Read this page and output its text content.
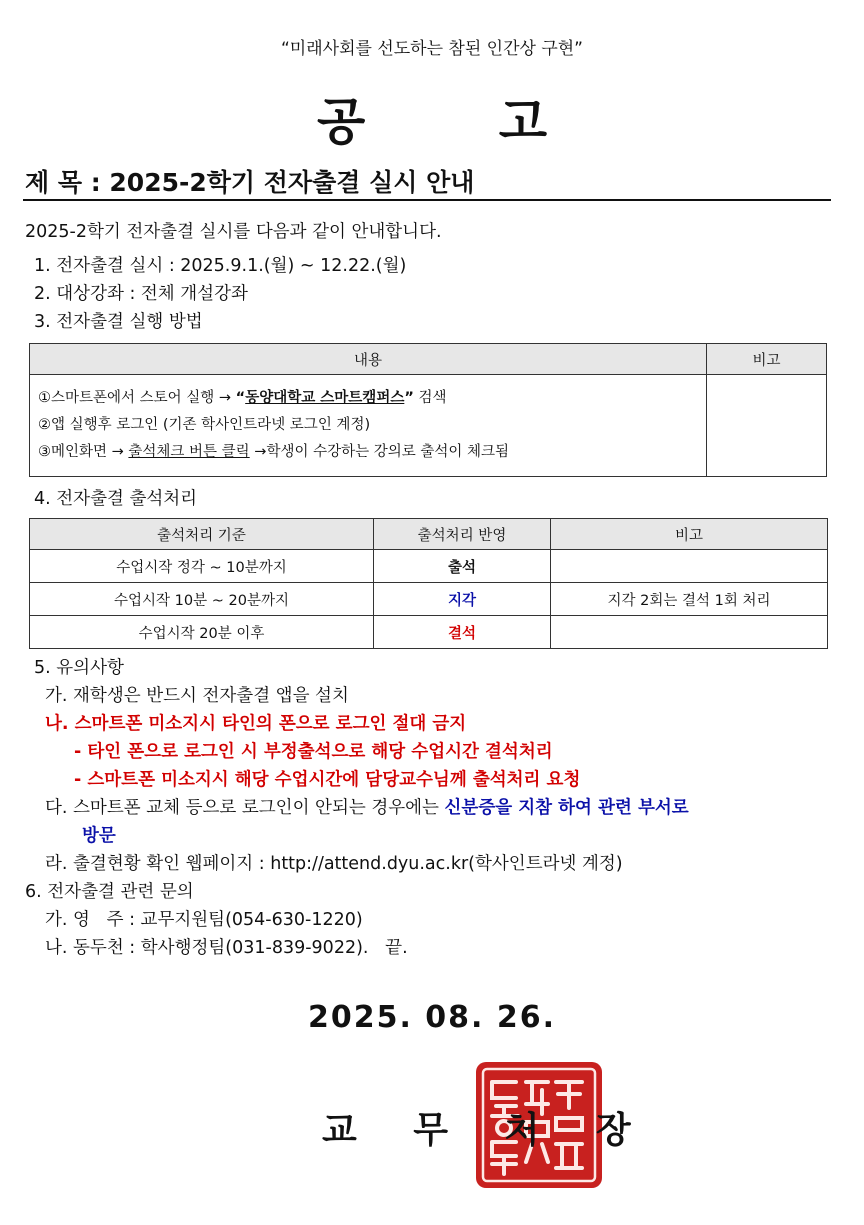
“미래사회를 선도하는 참된 인간상 구현”
공 고
제 목 : 2025-2학기 전자출결 실시 안내
2025-2학기 전자출결 실시를 다음과 같이 안내합니다.
1. 전자출결 실시 : 2025.9.1.(월) ~ 12.22.(월)
2. 대상강좌 : 전체 개설강좌
3. 전자출결 실행 방법
내용	비고

①스마트폰에서 스토어 실행 → “동양대학교 스마트캠퍼스” 검색
②앱 실행후 로그인 (기존 학사인트라넷 로그인 계정)
③메인화면 → 출석체크 버튼 클릭 →학생이 수강하는 강의로 출석이 체크됨	

4. 전자출결 출석처리
출석처리 기준	출석처리 반영	비고
수업시작 정각 ~ 10분까지	출석	
수업시작 10분 ~ 20분까지	지각	지각 2회는 결석 1회 처리
수업시작 20분 이후	결석	
5. 유의사항
가. 재학생은 반드시 전자출결 앱을 설치
나. 스마트폰 미소지시 타인의 폰으로 로그인 절대 금지
- 타인 폰으로 로그인 시 부정출석으로 해당 수업시간 결석처리
- 스마트폰 미소지시 해당 수업시간에 담당교수님께 출석처리 요청
다. 스마트폰 교체 등으로 로그인이 안되는 경우에는 신분증을 지참 하여 관련 부서로
방문
라. 출결현황 확인 웹페이지 : http://attend.dyu.ac.kr(학사인트라넷 계정)
6. 전자출결 관련 문의
가. 영   주 : 교무지원팀(054-630-1220)
나. 동두천 : 학사행정팀(031-839-9022).   끝.
2025. 08. 26.
교 무 처 장
